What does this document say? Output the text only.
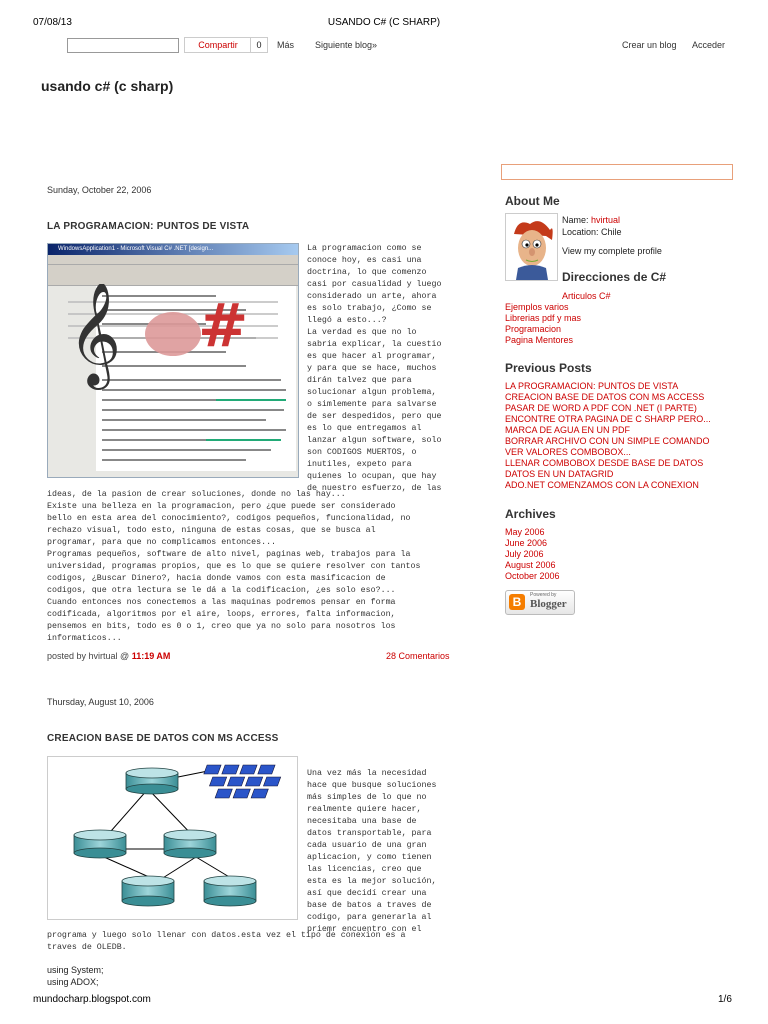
07/08/13	USANDO C# (C SHARP)
Compartir	0	Más Siguiente blog»	Crear un blog Acceder
usando c# (c sharp)
Sunday, October 22, 2006
LA PROGRAMACION: PUNTOS DE VISTA
WindowsApplication1 - Microsoft Visual C# .NET [design...
𝄞 #
La programacion como se
conoce hoy, es casi una
doctrina, lo que comenzo
casi por casualidad y luego
considerado un arte, ahora
es solo trabajo, ¿Como se
llegó a esto...?
La verdad es que no lo
sabria explicar, la cuestio
es que hacer al programar,
y para que se hace, muchos
dirán talvez que para
solucionar algun problema,
o simlemente para salvarse
de ser despedidos, pero que
es lo que entregamos al
lanzar algun software, solo
son CODIGOS MUERTOS, o
inutiles, expeto para
quienes lo ocupan, que hay
de nuestro esfuerzo, de las
ideas, de la pasion de crear soluciones, donde no las hay...
Existe una belleza en la programacion, pero ¿que puede ser considerado
bello en esta area del conocimiento?, codigos pequeños, funcionalidad, no
rechazo visual, todo esto, ninguna de estas cosas, que se busca al
programar, para que no complicamos entonces...
Programas pequeños, software de alto nivel, paginas web, trabajos para la
universidad, programas propios, que es lo que se quiere resolver con tantos
codigos, ¿Buscar Dinero?, hacia donde vamos con esta masificacion de
codigos, que otra lectura se le dá a la codificacion, ¿es solo eso?...
Cuando entonces nos conectemos a las maquinas podremos pensar en forma
codificada, algoritmos por el aire, loops, errores, falta informacion,
pensemos en bits, todo es 0 o 1, creo que ya no solo para nosotros los
informaticos...
posted by hvirtual @ 11:19 AM	28 Comentarios
Thursday, August 10, 2006
CREACION BASE DE DATOS CON MS ACCESS
Una vez más la necesidad
hace que busque soluciones
más simples de lo que no
realmente quiere hacer,
necesitaba una base de
datos transportable, para
cada usuario de una gran
aplicacion, y como tienen
las licencias, creo que
esta es la mejor solución,
así que decidí crear una
base de batos a traves de
codigo, para generarla al
priemr encuentro con el
programa y luego solo llenar con datos.esta vez el tipo de conexion es a
traves de OLEDB.
using System;
using ADOX;
About Me
Name: hvirtual
Location: Chile
View my complete profile
Direcciones de C#
Articulos C#
Ejemplos varios
Librerias pdf y mas
Programacion
Pagina Mentores
Previous Posts
LA PROGRAMACION: PUNTOS DE VISTA
CREACION BASE DE DATOS CON MS ACCESS
PASAR DE WORD A PDF CON .NET (I PARTE)
ENCONTRE OTRA PAGINA DE C SHARP PERO...
MARCA DE AGUA EN UN PDF
BORRAR ARCHIVO CON UN SIMPLE COMANDO
VER VALORES COMBOBOX...
LLENAR COMBOBOX DESDE BASE DE DATOS
DATOS EN UN DATAGRID
ADO.NET COMENZAMOS CON LA CONEXION
Archives
May 2006
June 2006
July 2006
August 2006
October 2006
B	Powered by
Blogger
mundocharp.blogspot.com	1/6
